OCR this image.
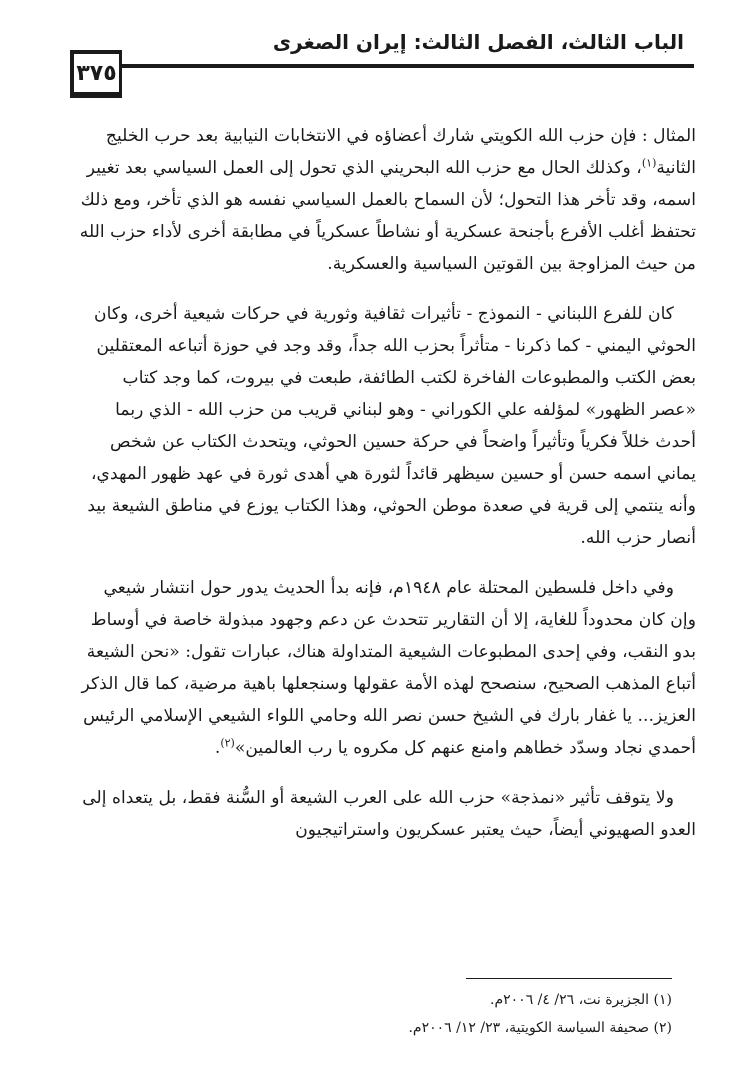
الباب الثالث، الفصل الثالث: إيران الصغرى
٣٧٥

المثال : فإن حزب الله الكويتي شارك أعضاؤه في الانتخابات النيابية بعد حرب الخليج الثانية$^{(١)}$، وكذلك الحال مع حزب الله البحريني الذي تحول إلى العمل السياسي بعد تغيير اسمه، وقد تأخر هذا التحول؛ لأن السماح بالعمل السياسي نفسه هو الذي تأخر، ومع ذلك تحتفظ أغلب الأفرع بأجنحة عسكرية أو نشاطاً عسكرياً في مطابقة أخرى لأداء حزب الله من حيث المزاوجة بين القوتين السياسية والعسكرية.

كان للفرع اللبناني - النموذج - تأثيرات ثقافية وثورية في حركات شيعية أخرى، وكان الحوثي اليمني - كما ذكرنا - متأثراً بحزب الله جداً، وقد وجد في حوزة أتباعه المعتقلين بعض الكتب والمطبوعات الفاخرة لكتب الطائفة، طبعت في بيروت، كما وجد كتاب «عصر الظهور» لمؤلفه علي الكوراني - وهو لبناني قريب من حزب الله - الذي ربما أحدث خللاً فكرياً وتأثيراً واضحاً في حركة حسين الحوثي، ويتحدث الكتاب عن شخص يماني اسمه حسن أو حسين سيظهر قائداً لثورة هي أهدى ثورة في عهد ظهور المهدي، وأنه ينتمي إلى قرية في صعدة موطن الحوثي، وهذا الكتاب يوزع في مناطق الشيعة بيد أنصار حزب الله.

وفي داخل فلسطين المحتلة عام ١٩٤٨م، فإنه بدأ الحديث يدور حول انتشار شيعي وإن كان محدوداً للغاية، إلا أن التقارير تتحدث عن دعم وجهود مبذولة خاصة في أوساط بدو النقب، وفي إحدى المطبوعات الشيعية المتداولة هناك، عبارات تقول: «نحن الشيعة أتباع المذهب الصحيح، سنصحح لهذه الأمة عقولها وسنجعلها باهية مرضية، كما قال الذكر العزيز... يا غفار بارك في الشيخ حسن نصر الله وحامي اللواء الشيعي الإسلامي الرئيس أحمدي نجاد وسدّد خطاهم وامنع عنهم كل مكروه يا رب العالمين»$^{(٢)}$.

ولا يتوقف تأثير «نمذجة» حزب الله على العرب الشيعة أو السُّنة فقط، بل يتعداه إلى العدو الصهيوني أيضاً، حيث يعتبر عسكريون واستراتيجيون

(١) الجزيرة نت، ٢٦/ ٤/ ٢٠٠٦م.
(٢) صحيفة السياسة الكويتية، ٢٣/ ١٢/ ٢٠٠٦م.
